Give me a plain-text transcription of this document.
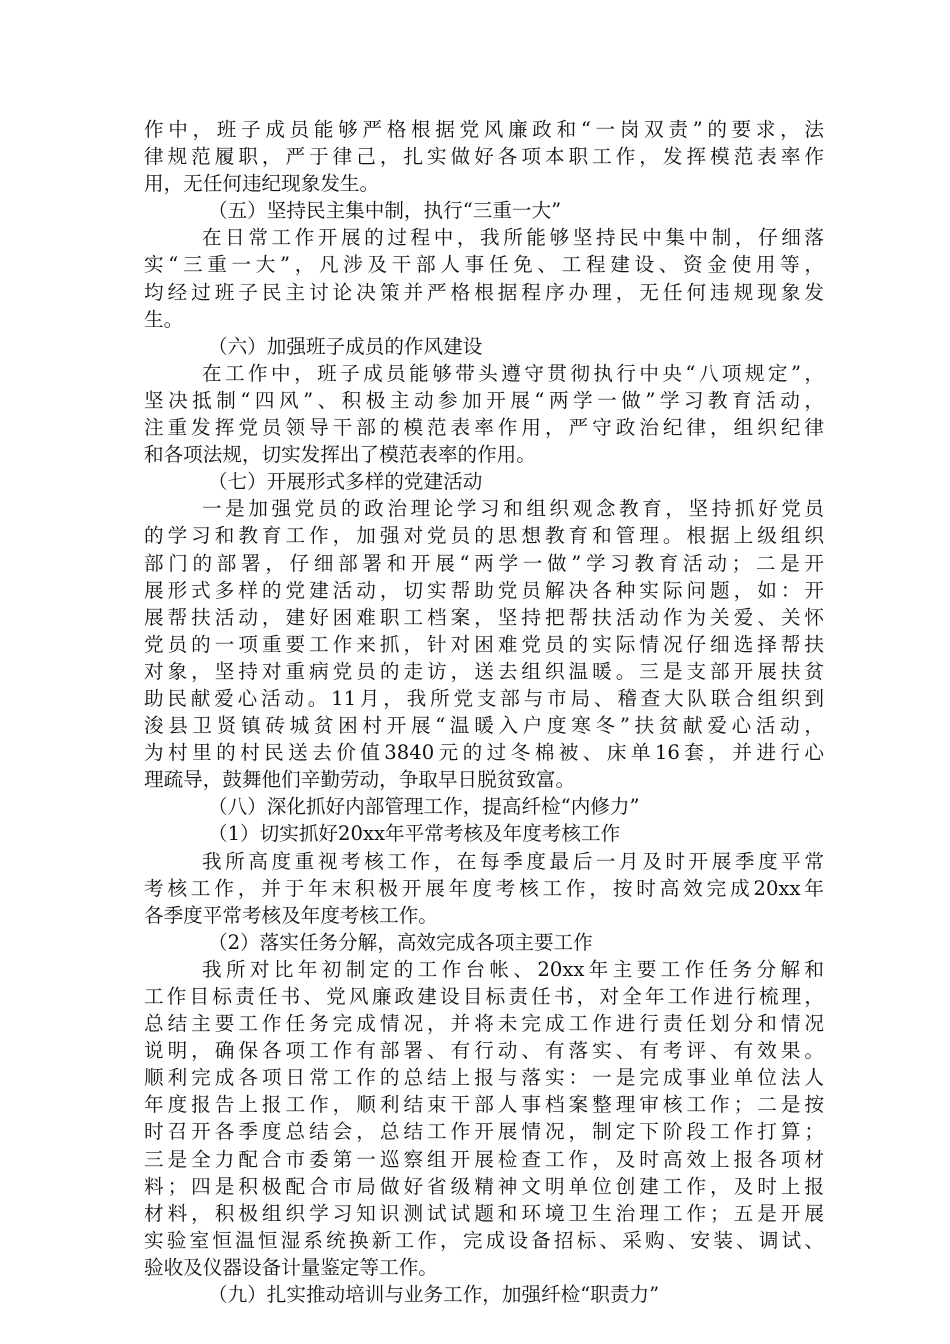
作中，班子成员能够严格根据党风廉政和“一岗双责”的要求，法
律规范履职，严于律己，扎实做好各项本职工作，发挥模范表率作
用，无任何违纪现象发生。
（五）坚持民主集中制，执行“三重一大”
在日常工作开展的过程中，我所能够坚持民中集中制，仔细落
实“三重一大”，凡涉及干部人事任免、工程建设、资金使用等，
均经过班子民主讨论决策并严格根据程序办理，无任何违规现象发
生。
（六）加强班子成员的作风建设
在工作中，班子成员能够带头遵守贯彻执行中央“八项规定”，
坚决抵制“四风”、积极主动参加开展“两学一做”学习教育活动，
注重发挥党员领导干部的模范表率作用，严守政治纪律，组织纪律
和各项法规，切实发挥出了模范表率的作用。
（七）开展形式多样的党建活动
一是加强党员的政治理论学习和组织观念教育，坚持抓好党员
的学习和教育工作，加强对党员的思想教育和管理。根据上级组织
部门的部署，仔细部署和开展“两学一做”学习教育活动；二是开
展形式多样的党建活动，切实帮助党员解决各种实际问题，如：开
展帮扶活动，建好困难职工档案，坚持把帮扶活动作为关爱、关怀
党员的一项重要工作来抓，针对困难党员的实际情况仔细选择帮扶
对象，坚持对重病党员的走访，送去组织温暖。三是支部开展扶贫
助民献爱心活动。11月，我所党支部与市局、稽查大队联合组织到
浚县卫贤镇砖城贫困村开展“温暖入户度寒冬”扶贫献爱心活动，
为村里的村民送去价值3840元的过冬棉被、床单16套，并进行心
理疏导，鼓舞他们辛勤劳动，争取早日脱贫致富。
（八）深化抓好内部管理工作，提高纤检“内修力”
（1）切实抓好20xx年平常考核及年度考核工作
我所高度重视考核工作，在每季度最后一月及时开展季度平常
考核工作，并于年末积极开展年度考核工作，按时高效完成20xx年
各季度平常考核及年度考核工作。
（2）落实任务分解，高效完成各项主要工作
我所对比年初制定的工作台帐、20xx年主要工作任务分解和
工作目标责任书、党风廉政建设目标责任书，对全年工作进行梳理，
总结主要工作任务完成情况，并将未完成工作进行责任划分和情况
说明，确保各项工作有部署、有行动、有落实、有考评、有效果。
顺利完成各项日常工作的总结上报与落实：一是完成事业单位法人
年度报告上报工作，顺利结束干部人事档案整理审核工作；二是按
时召开各季度总结会，总结工作开展情况，制定下阶段工作打算；
三是全力配合市委第一巡察组开展检查工作，及时高效上报各项材
料；四是积极配合市局做好省级精神文明单位创建工作，及时上报
材料，积极组织学习知识测试试题和环境卫生治理工作；五是开展
实验室恒温恒湿系统换新工作，完成设备招标、采购、安装、调试、
验收及仪器设备计量鉴定等工作。
（九）扎实推动培训与业务工作，加强纤检“职责力”
